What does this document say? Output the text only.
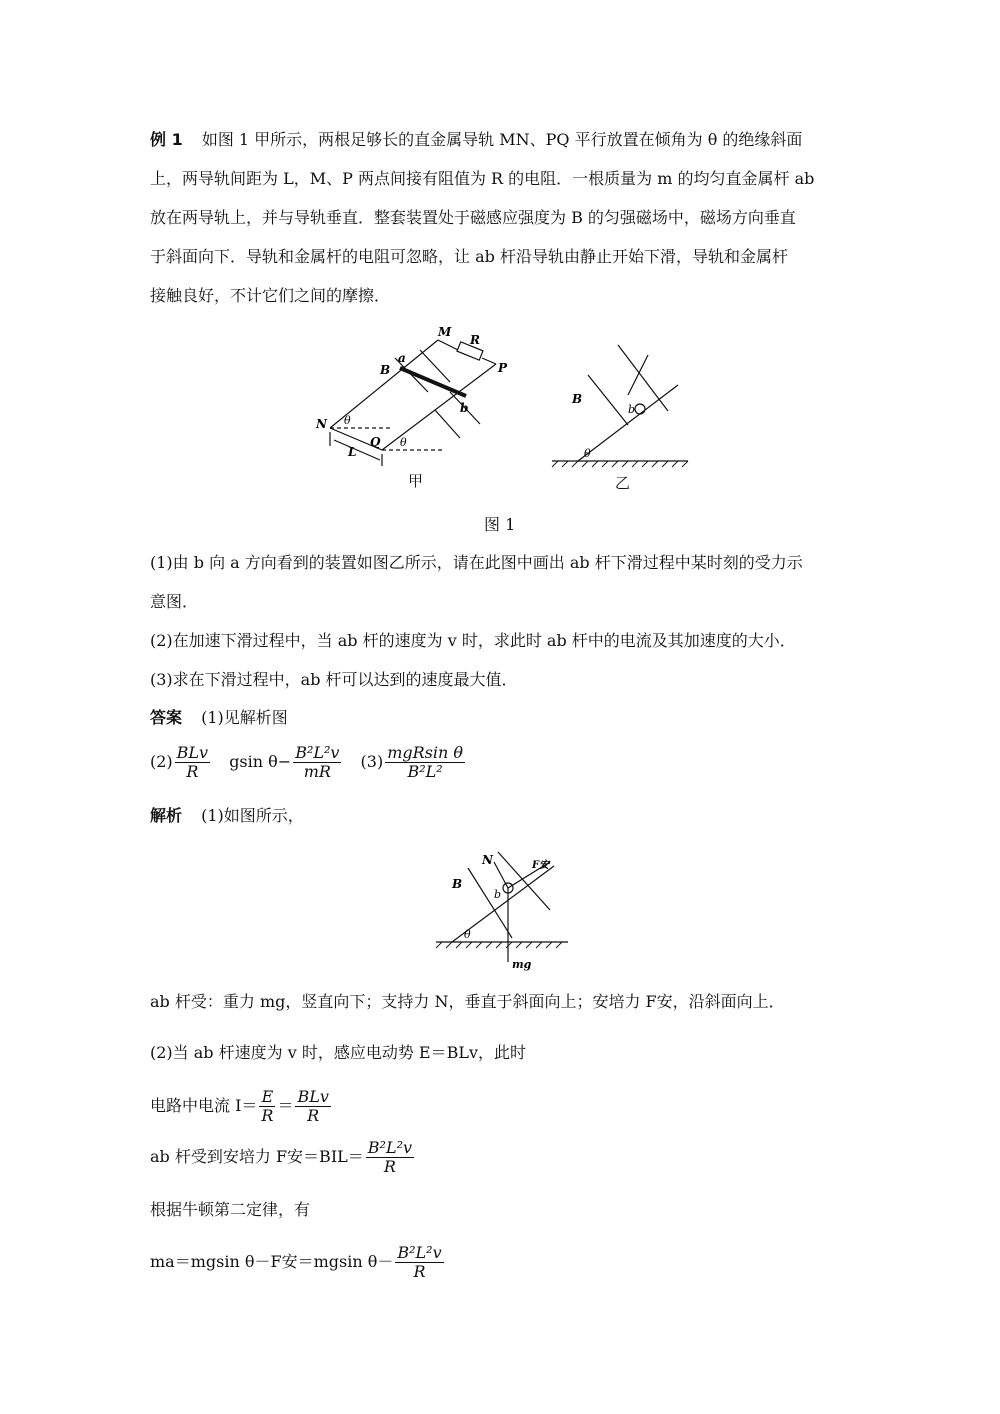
例 1 如图 1 甲所示，两根足够长的直金属导轨 MN、PQ 平行放置在倾角为 θ 的绝缘斜面
上，两导轨间距为 L，M、P 两点间接有阻值为 R 的电阻．一根质量为 m 的均匀直金属杆 ab
放在两导轨上，并与导轨垂直．整套装置处于磁感应强度为 B 的匀强磁场中，磁场方向垂直
于斜面向下．导轨和金属杆的电阻可忽略，让 ab 杆沿导轨由静止开始下滑，导轨和金属杆
接触良好，不计它们之间的摩擦．
M
R
P
a
b
B
N
Q
L
θ
θ
甲
B
b
θ
乙
图 1
(1)由 b 向 a 方向看到的装置如图乙所示，请在此图中画出 ab 杆下滑过程中某时刻的受力示
意图．
(2)在加速下滑过程中，当 ab 杆的速度为 v 时，求此时 ab 杆中的电流及其加速度的大小．
(3)求在下滑过程中，ab 杆可以达到的速度最大值．
答案 (1)见解析图
$(2) \frac{\text{BLv}}{R}$ gsin $\theta- \frac{\text{B²L²v}}{mR} (3) \frac{\text{mgRsin θ}}{\text{B²L²}}$
解析 (1)如图所示，
N	F安
B
b
θ
mg
ab 杆受：重力 mg，竖直向下；支持力 N，垂直于斜面向上；安培力 F安，沿斜面向上．
(2)当 ab 杆速度为 v 时，感应电动势 E＝BLv，此时
电路中电流 $I= \frac{E}{R} = \frac{\text{BLv}}{R}$
ab 杆受到安培力 F安$=BIL= \frac{\text{B²L²v}}{R}$
根据牛顿第二定律，有
ma＝mgsin θ－F安＝mgsin $\theta- \frac{\text{B²L²v}}{R}$
